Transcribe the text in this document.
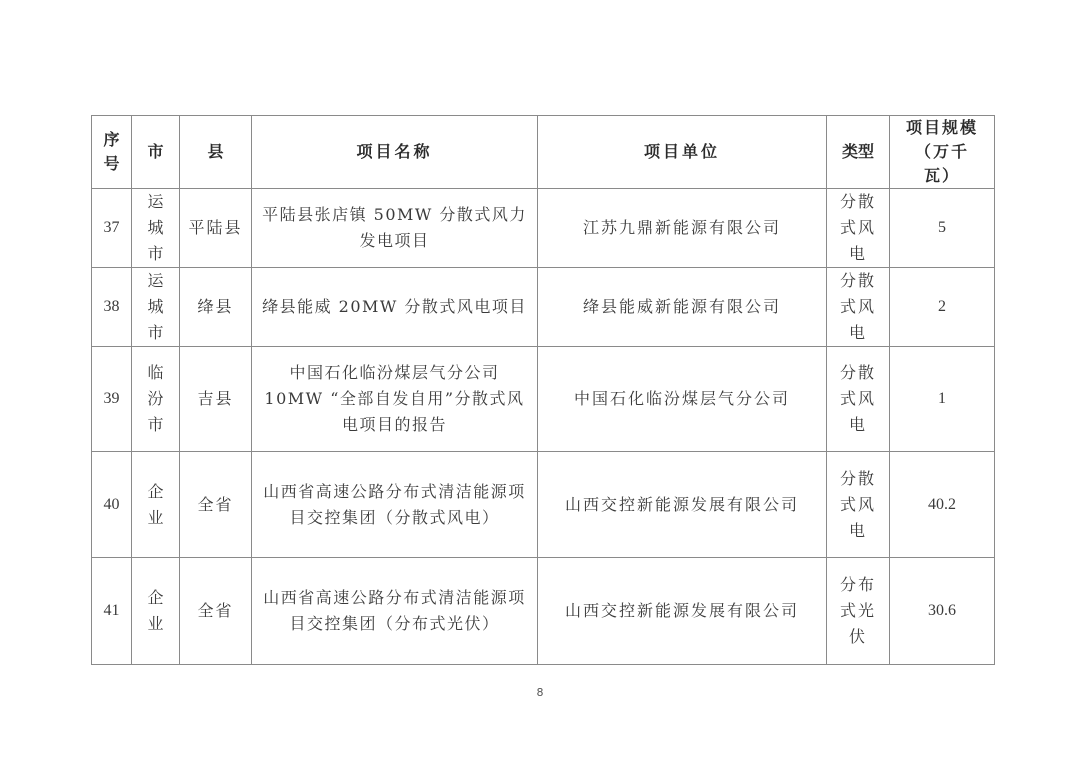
序号	市	县	项目名称	项目单位	类型	项目规模（万千瓦）
37	运城市	平陆县	平陆县张店镇 50MW 分散式风力发电项目	江苏九鼎新能源有限公司	分散式风电	5
38	运城市	绛县	绛县能威 20MW 分散式风电项目	绛县能威新能源有限公司	分散式风电	2
39	临汾市	吉县	中国石化临汾煤层气分公司 10MW “全部自发自用”分散式风电项目的报告	中国石化临汾煤层气分公司	分散式风电	1
40	企业	全省	山西省高速公路分布式清洁能源项目交控集团（分散式风电）	山西交控新能源发展有限公司	分散式风电	40.2
41	企业	全省	山西省高速公路分布式清洁能源项目交控集团（分布式光伏）	山西交控新能源发展有限公司	分布式光伏	30.6
8
